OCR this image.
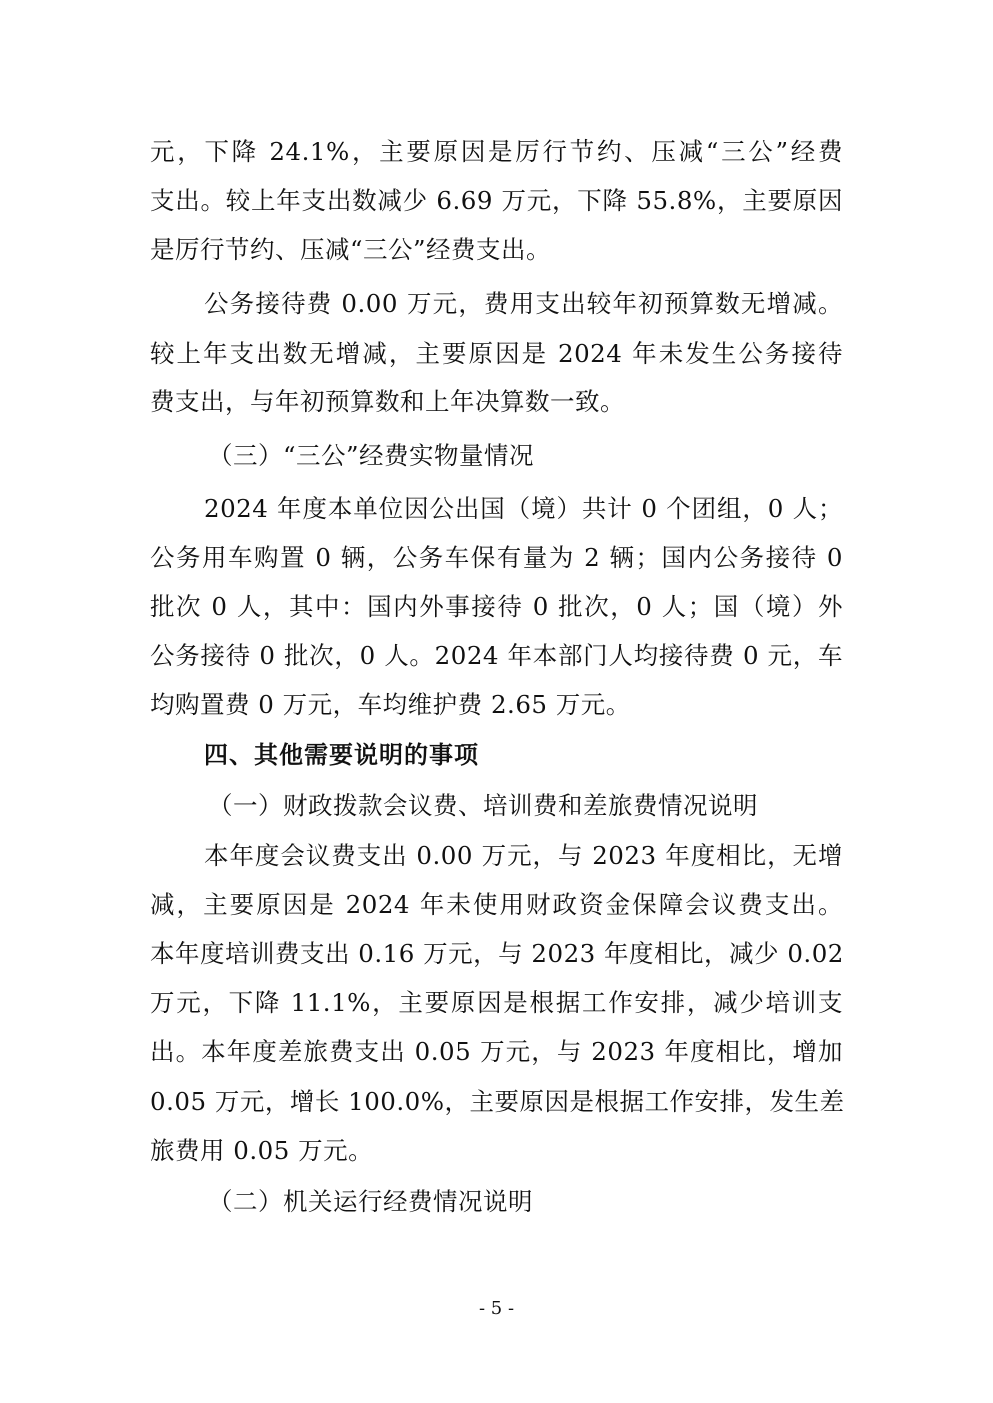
元，下降 24.1%，主要原因是厉行节约、压减“三公”经费
支出。较上年支出数减少 6.69 万元，下降 55.8%，主要原因
是厉行节约、压减“三公”经费支出。
公务接待费 0.00 万元，费用支出较年初预算数无增减。
较上年支出数无增减，主要原因是 2024 年未发生公务接待
费支出，与年初预算数和上年决算数一致。
（三）“三公”经费实物量情况
2024 年度本单位因公出国（境）共计 0 个团组，0 人；
公务用车购置 0 辆，公务车保有量为 2 辆；国内公务接待 0
批次 0 人，其中：国内外事接待 0 批次，0 人；国（境）外
公务接待 0 批次，0 人。2024 年本部门人均接待费 0 元，车
均购置费 0 万元，车均维护费 2.65 万元。
四、其他需要说明的事项
（一）财政拨款会议费、培训费和差旅费情况说明
本年度会议费支出 0.00 万元，与 2023 年度相比，无增
减，主要原因是 2024 年未使用财政资金保障会议费支出。
本年度培训费支出 0.16 万元，与 2023 年度相比，减少 0.02
万元，下降 11.1%，主要原因是根据工作安排，减少培训支
出。本年度差旅费支出 0.05 万元，与 2023 年度相比，增加
0.05 万元，增长 100.0%，主要原因是根据工作安排，发生差
旅费用 0.05 万元。
（二）机关运行经费情况说明
- 5 -
